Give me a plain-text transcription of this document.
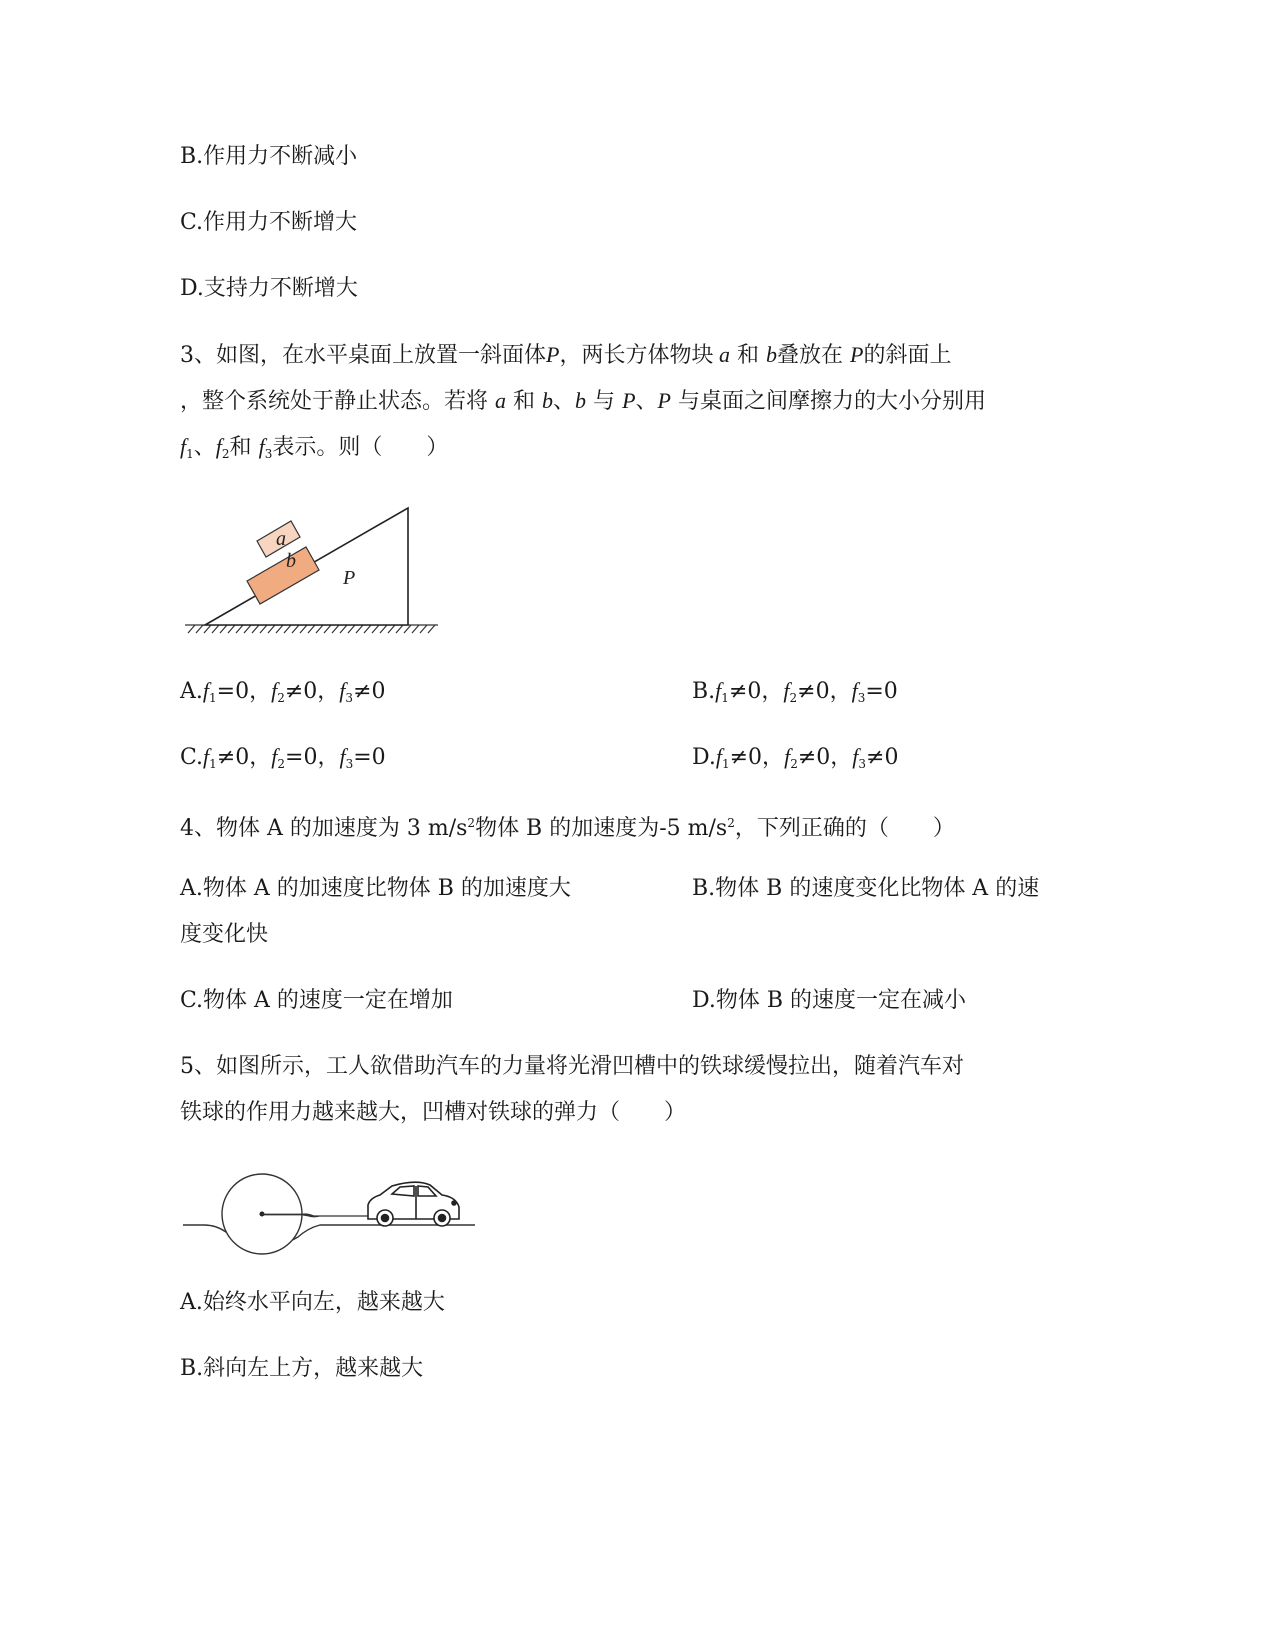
B.作用力不断减小
C.作用力不断增大
D.支持力不断增大
3、如图，在水平桌面上放置一斜面体P，两长方体物块 a 和 b叠放在 P的斜面上
，整个系统处于静止状态。若将 a 和 b、b 与 P、P 与桌面之间摩擦力的大小分别用
$f_1$、$f_2$和 $f_3$表示。则（　　）
a
b
P
$A.f_1=0$，$f_2\ne 0$，$f_3\ne 0$	$B.f_1\ne 0$，$f_2\ne 0$，$f_3=0$
$C.f_1\ne 0$，$f_2=0$，$f_3=0$	$D.f_1\ne 0$，$f_2\ne 0$，$f_3\ne 0$
4、物体 A 的加速度为 3 $m/s^2$物体 B 的加速度为-5 $m/s^2$，下列正确的（　　）
A.物体 A 的加速度比物体 B 的加速度大	B.物体 B 的速度变化比物体 A 的速
度变化快
C.物体 A 的速度一定在增加	D.物体 B 的速度一定在减小
5、如图所示，工人欲借助汽车的力量将光滑凹槽中的铁球缓慢拉出，随着汽车对
铁球的作用力越来越大，凹槽对铁球的弹力（　　）
A.始终水平向左，越来越大
B.斜向左上方，越来越大
